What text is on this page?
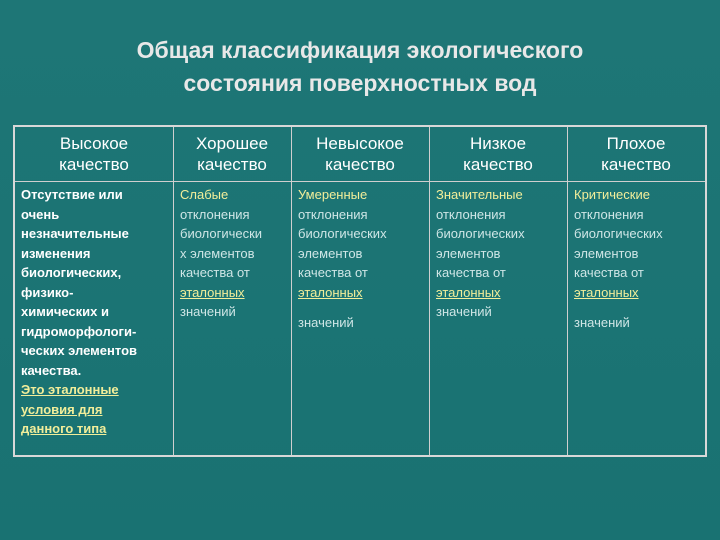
Общая классификация экологического
состояния поверхностных вод
Высокое
качество
Отсутствие или
очень
незначительные
изменения
биологических,
физико-
химических и
гидроморфологи-
ческих элементов
качества.
Это эталонные
условия для
данного типа
Хорошее
качество
Слабые
отклонения
биологически
х элементов
качества от
эталонных
значений
Невысокое
качество
Умеренные
отклонения
биологических
элементов
качества от
эталонных
значений
Низкое
качество
Значительные
отклонения
биологических
элементов
качества от
эталонных
значений
Плохое
качество
Критические
отклонения
биологических
элементов
качества от
эталонных
значений
